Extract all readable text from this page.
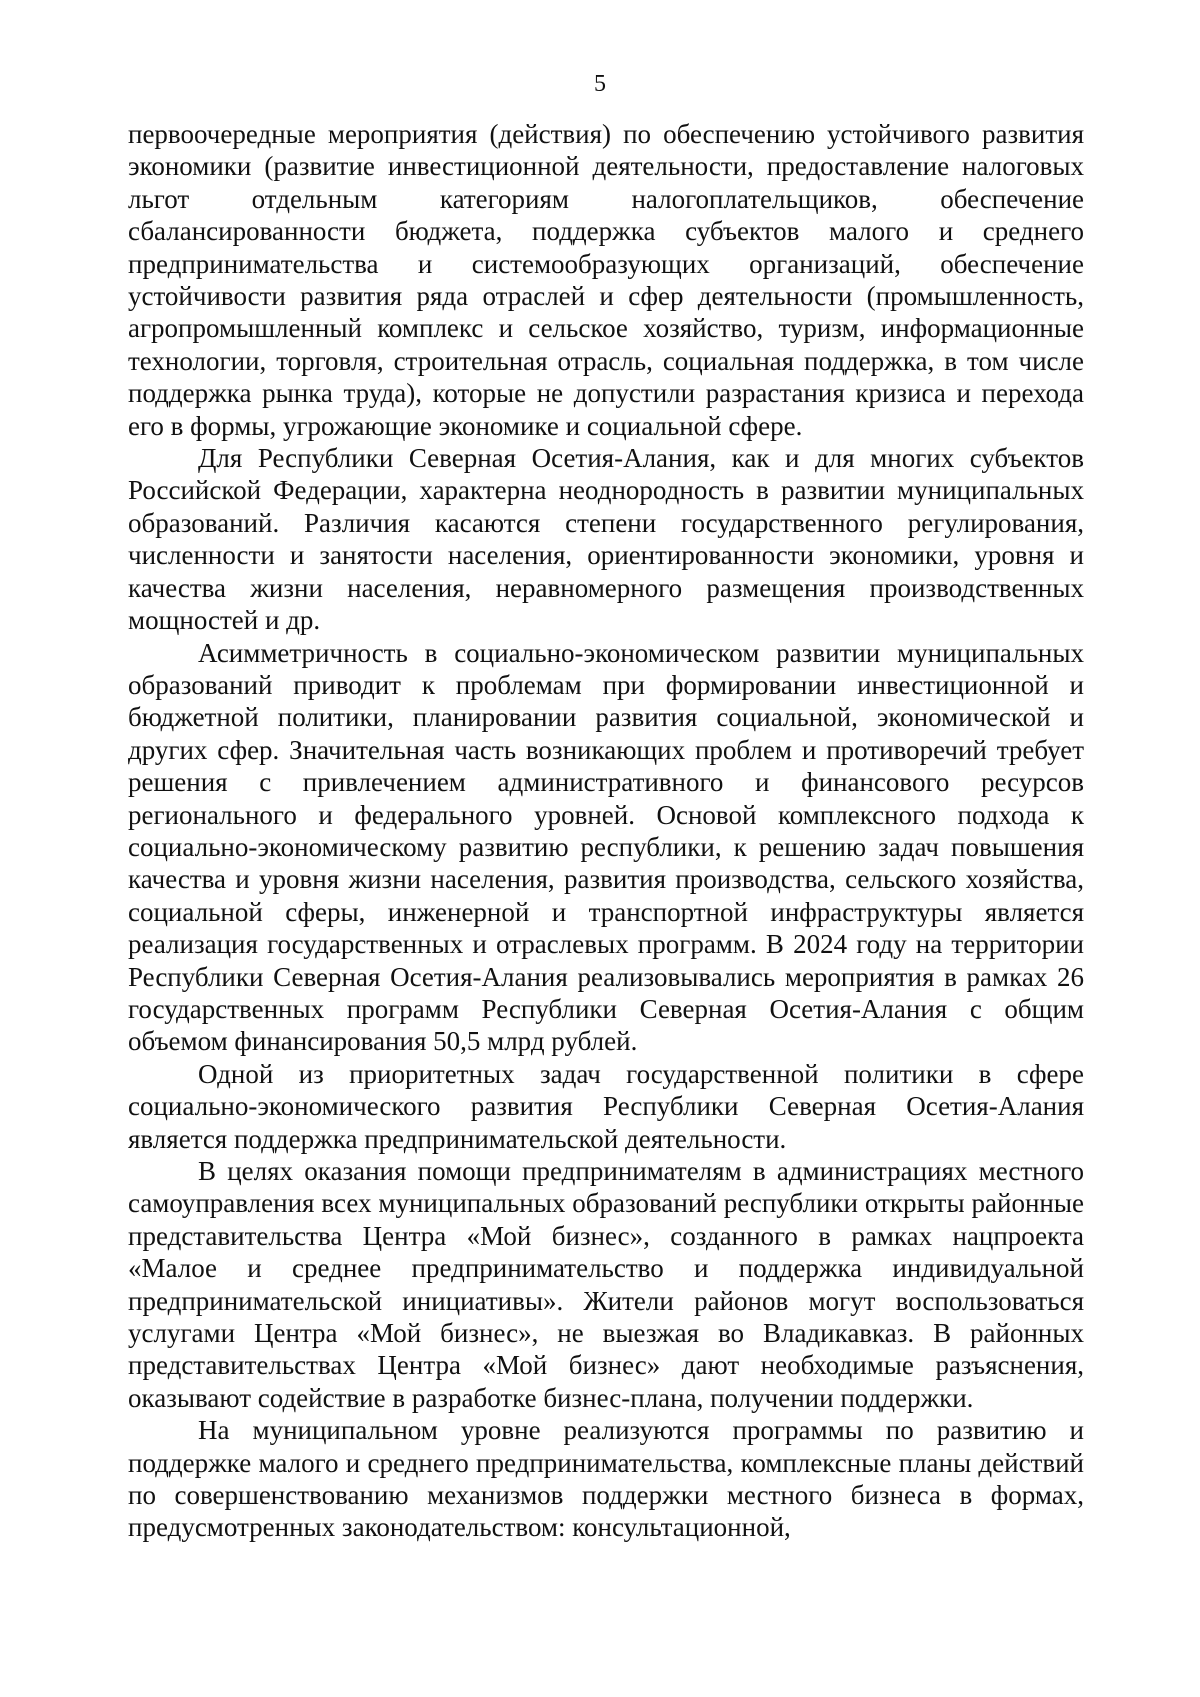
5

первоочередные мероприятия (действия) по обеспечению устойчивого развития экономики (развитие инвестиционной деятельности, предоставление налоговых льгот отдельным категориям налогоплательщиков, обеспечение сбалансированности бюджета, поддержка субъектов малого и среднего предпринимательства и системообразующих организаций, обеспечение устойчивости развития ряда отраслей и сфер деятельности (промышленность, агропромышленный комплекс и сельское хозяйство, туризм, информационные технологии, торговля, строительная отрасль, социальная поддержка, в том числе поддержка рынка труда), которые не допустили разрастания кризиса и перехода его в формы, угрожающие экономике и социальной сфере.

Для Республики Северная Осетия-Алания, как и для многих субъектов Российской Федерации, характерна неоднородность в развитии муниципальных образований. Различия касаются степени государственного регулирования, численности и занятости населения, ориентированности экономики, уровня и качества жизни населения, неравномерного размещения производственных мощностей и др.

Асимметричность в социально-экономическом развитии муниципальных образований приводит к проблемам при формировании инвестиционной и бюджетной политики, планировании развития социальной, экономической и других сфер. Значительная часть возникающих проблем и противоречий требует решения с привлечением административного и финансового ресурсов регионального и федерального уровней. Основой комплексного подхода к социально-экономическому развитию республики, к решению задач повышения качества и уровня жизни населения, развития производства, сельского хозяйства, социальной сферы, инженерной и транспортной инфраструктуры является реализация государственных и отраслевых программ. В 2024 году на территории Республики Северная Осетия-Алания реализовывались мероприятия в рамках 26 государственных программ Республики Северная Осетия-Алания с общим объемом финансирования 50,5 млрд рублей.

Одной из приоритетных задач государственной политики в сфере социально-экономического развития Республики Северная Осетия-Алания является поддержка предпринимательской деятельности.

В целях оказания помощи предпринимателям в администрациях местного самоуправления всех муниципальных образований республики открыты районные представительства Центра «Мой бизнес», созданного в рамках нацпроекта «Малое и среднее предпринимательство и поддержка индивидуальной предпринимательской инициативы». Жители районов могут воспользоваться услугами Центра «Мой бизнес», не выезжая во Владикавказ. В районных представительствах Центра «Мой бизнес» дают необходимые разъяснения, оказывают содействие в разработке бизнес-плана, получении поддержки.

На муниципальном уровне реализуются программы по развитию и поддержке малого и среднего предпринимательства, комплексные планы действий по совершенствованию механизмов поддержки местного бизнеса в формах, предусмотренных законодательством: консультационной,
